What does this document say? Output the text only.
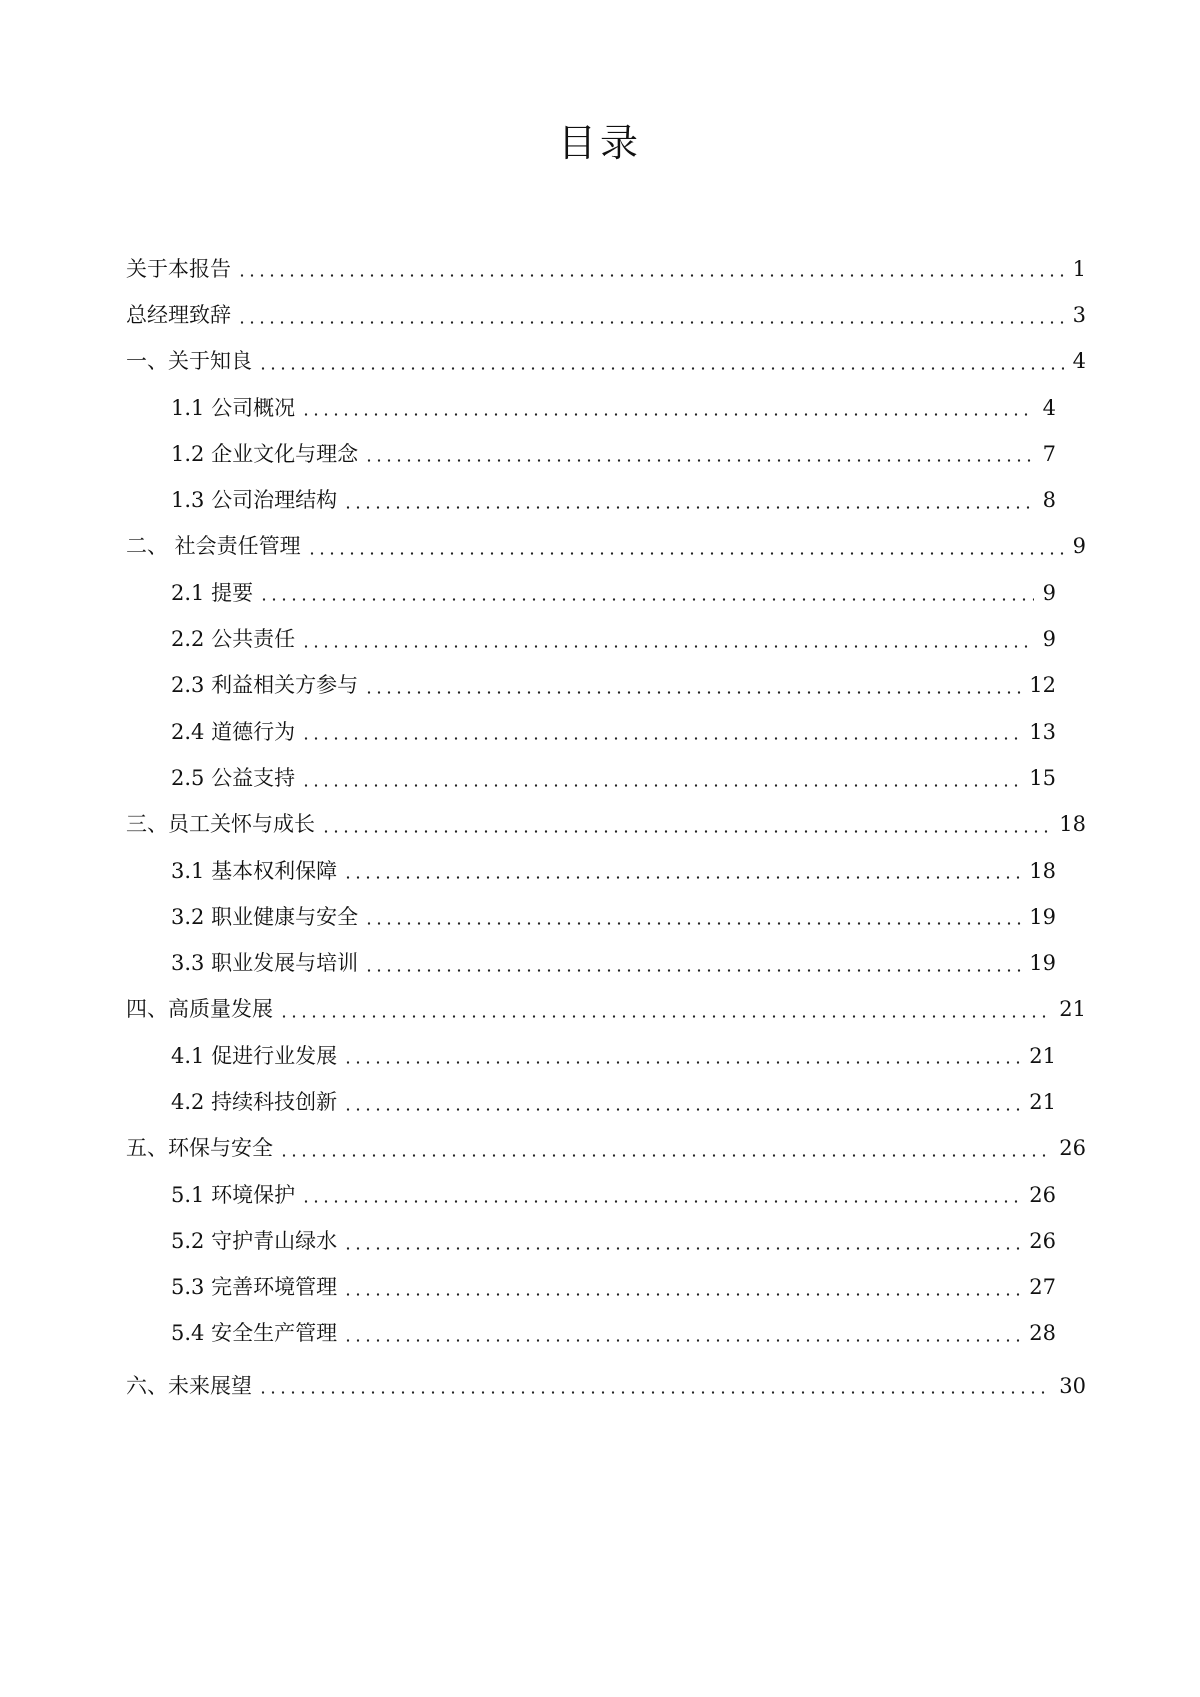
目录
关于本报告	1
总经理致辞	3
一、关于知良	4
1.1 公司概况	4
1.2 企业文化与理念	7
1.3 公司治理结构	8
二、 社会责任管理	9
2.1 提要	9
2.2 公共责任	9
2.3 利益相关方参与	12
2.4 道德行为	13
2.5 公益支持	15
三、员工关怀与成长	18
3.1 基本权利保障	18
3.2 职业健康与安全	19
3.3 职业发展与培训	19
四、高质量发展	21
4.1 促进行业发展	21
4.2 持续科技创新	21
五、环保与安全	26
5.1 环境保护	26
5.2 守护青山绿水	26
5.3 完善环境管理	27
5.4 安全生产管理	28
六、未来展望	30
